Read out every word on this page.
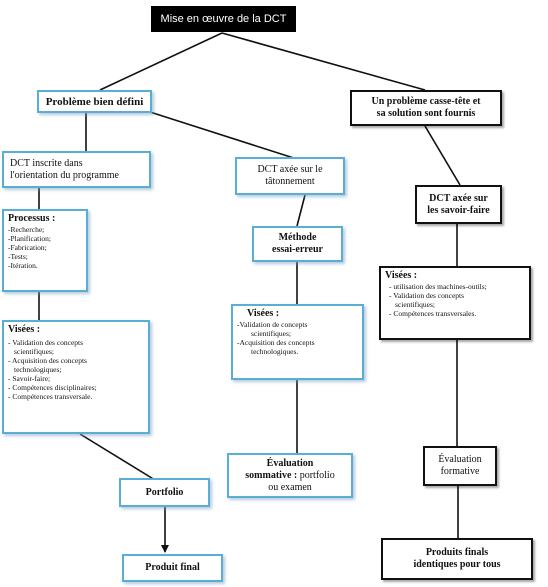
Mise en œuvre de la DCT
Problème bien défini	Un problème casse-tête et
sa solution sont fournis
DCT inscrite dans
l'orientation du programme	DCT axée sur le
tâtonnement
DCT axée sur
les savoir-faire
Processus :
-Recherche;
-Planification;
-Fabrication;
-Tests;
-Itération.
Méthode
essai-erreur
Visées :
- utilisation des machines-outils;
- Validation des concepts
scientifiques;
- Compétences transversales.
Visées :
-Validation de concepts
scientifiques;
-Acquisition des concepts
technologiques.
Visées :
- Validation des concepts
scientifiques;
- Acquisition des concepts
technologiques;
- Savoir-faire;
- Compétences disciplinaires;
- Compétences transversale.
Évaluation
formative
Évaluation
sommative : portfolio
ou examen
Portfolio
Produits finals
identiques pour tous
Produit final
